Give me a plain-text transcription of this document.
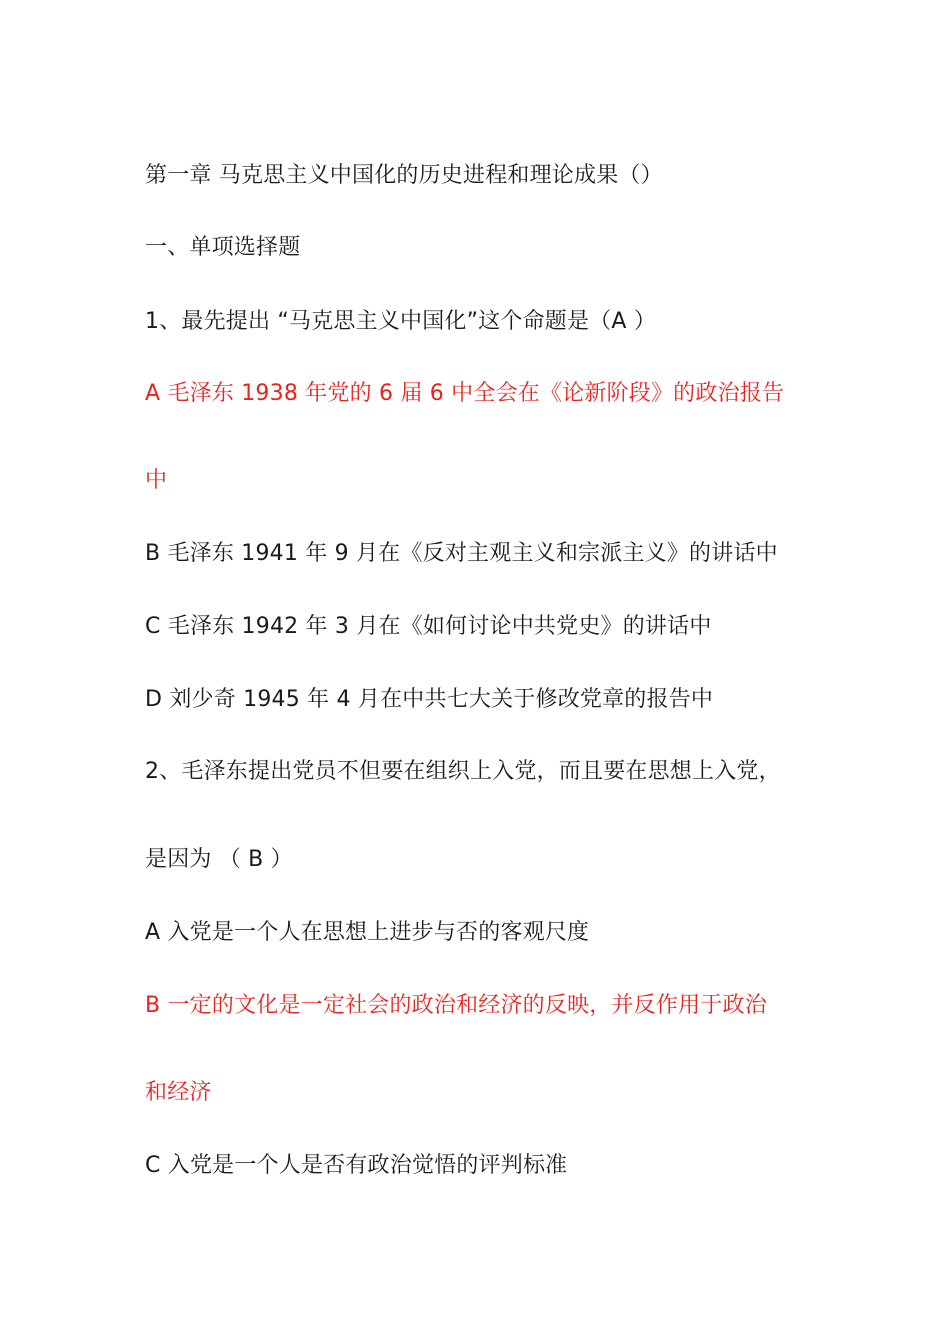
第一章 马克思主义中国化的历史进程和理论成果（）
一、单项选择题
1、最先提出 “马克思主义中国化”这个命题是（A ）
A 毛泽东 1938 年党的 6 届 6 中全会在《论新阶段》的政治报告
中
B 毛泽东 1941 年 9 月在《反对主观主义和宗派主义》的讲话中
C 毛泽东 1942 年 3 月在《如何讨论中共党史》的讲话中
D 刘少奇 1945 年 4 月在中共七大关于修改党章的报告中
2、毛泽东提出党员不但要在组织上入党，而且要在思想上入党，
是因为 （ B ）
A 入党是一个人在思想上进步与否的客观尺度
B 一定的文化是一定社会的政治和经济的反映，并反作用于政治
和经济
C 入党是一个人是否有政治觉悟的评判标准
